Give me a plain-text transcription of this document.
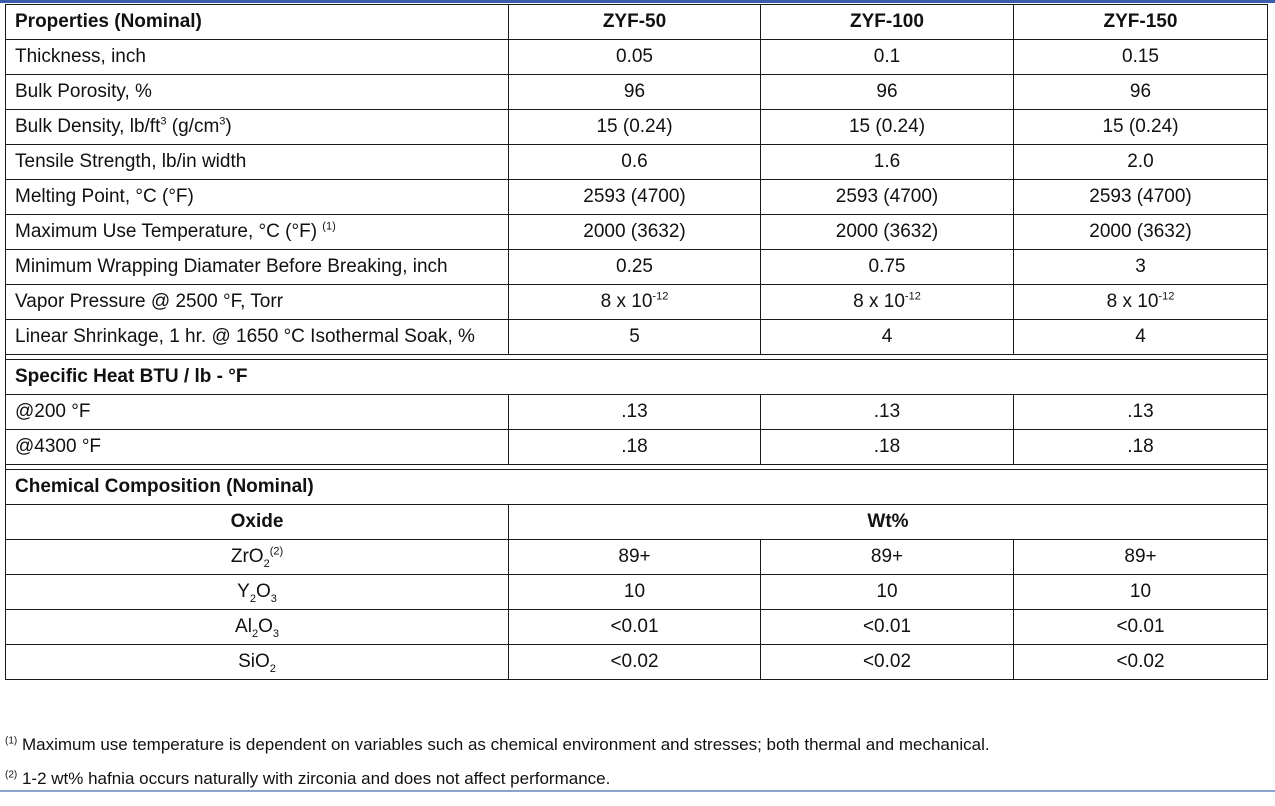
Properties (Nominal)	ZYF-50	ZYF-100	ZYF-150
Thickness, inch	0.05	0.1	0.15
Bulk Porosity, %	96	96	96
Bulk Density, $lb/ft^3$ $(g/cm^3)$	15 (0.24)	15 (0.24)	15 (0.24)
Tensile Strength, lb/in width	0.6	1.6	2.0
Melting Point, °C (°F)	2593 (4700)	2593 (4700)	2593 (4700)
Maximum Use Temperature, °C (°F) $^{(1)}$	2000 (3632)	2000 (3632)	2000 (3632)
Minimum Wrapping Diamater Before Breaking, inch	0.25	0.75	3
Vapor Pressure @ 2500 °F, Torr	8 x $10^{-12}$	8 x $10^{-12}$	8 x $10^{-12}$
Linear Shrinkage, 1 hr. @ 1650 °C Isothermal Soak, %	5	4	4

Specific Heat BTU / lb - °F			
@200 °F	.13	.13	.13
@4300 °F	.18	.18	.18

Chemical Composition (Nominal)			
Oxide	Wt%		
ZrO$_2^{(2)}$	89+	89+	89+
$Y_2O_3$	10	10	10
$Al_2O_3$	<0.01	<0.01	<0.01
SiO$_2$	<0.02	<0.02	<0.02
$^{(1)}$ Maximum use temperature is dependent on variables such as chemical environment and stresses; both thermal and mechanical.
$^{(2)}$ 1-2 wt% hafnia occurs naturally with zirconia and does not affect performance.
